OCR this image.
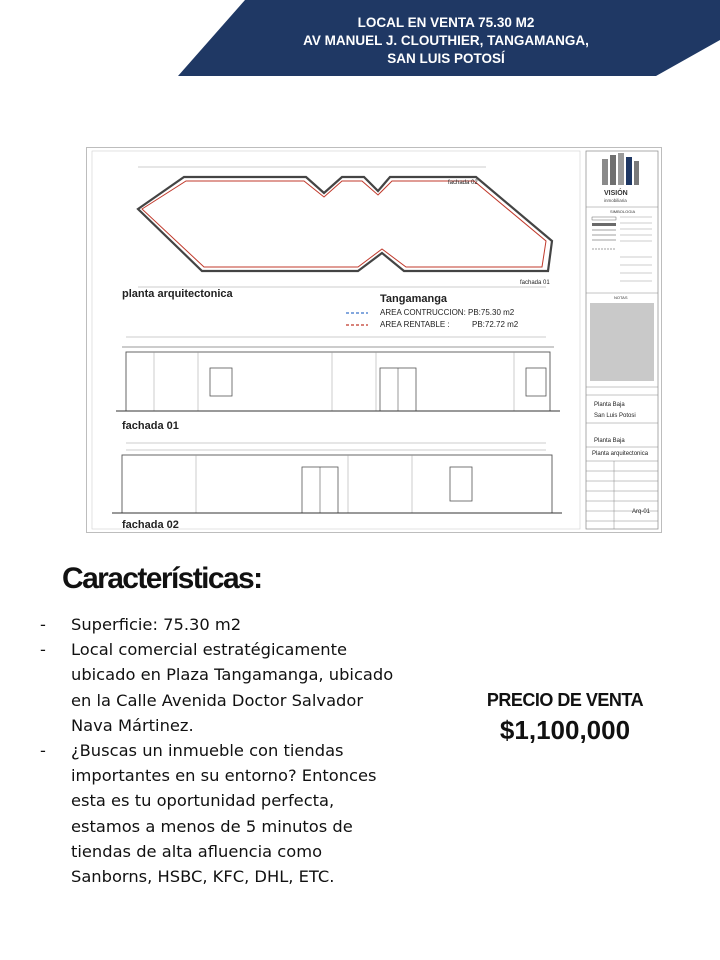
LOCAL EN VENTA 75.30 M2
AV MANUEL J. CLOUTHIER, TANGAMANGA,
SAN LUIS POTOSÍ
fachada 02
fachada 01
planta arquitectonica	Tangamanga
AREA CONTRUCCION: PB:75.30 m2
AREA RENTABLE :	PB:72.72 m2
fachada 01
fachada 02
VISIÓN
inmobiliaria
SIMBOLOGIA
NOTAS
Planta Baja
San Luis Potosi
Planta Baja
Planta arquitectonica
Arq-01
Características:
- Superficie: 75.30 m2
- Local comercial estratégicamente ubicado en Plaza Tangamanga, ubicado en la Calle Avenida Doctor Salvador Nava Mártinez.
- ¿Buscas un inmueble con tiendas importantes en su entorno? Entonces esta es tu oportunidad perfecta, estamos a menos de 5 minutos de tiendas de alta afluencia como Sanborns, HSBC, KFC, DHL, ETC.
PRECIO DE VENTA
$1,100,000
